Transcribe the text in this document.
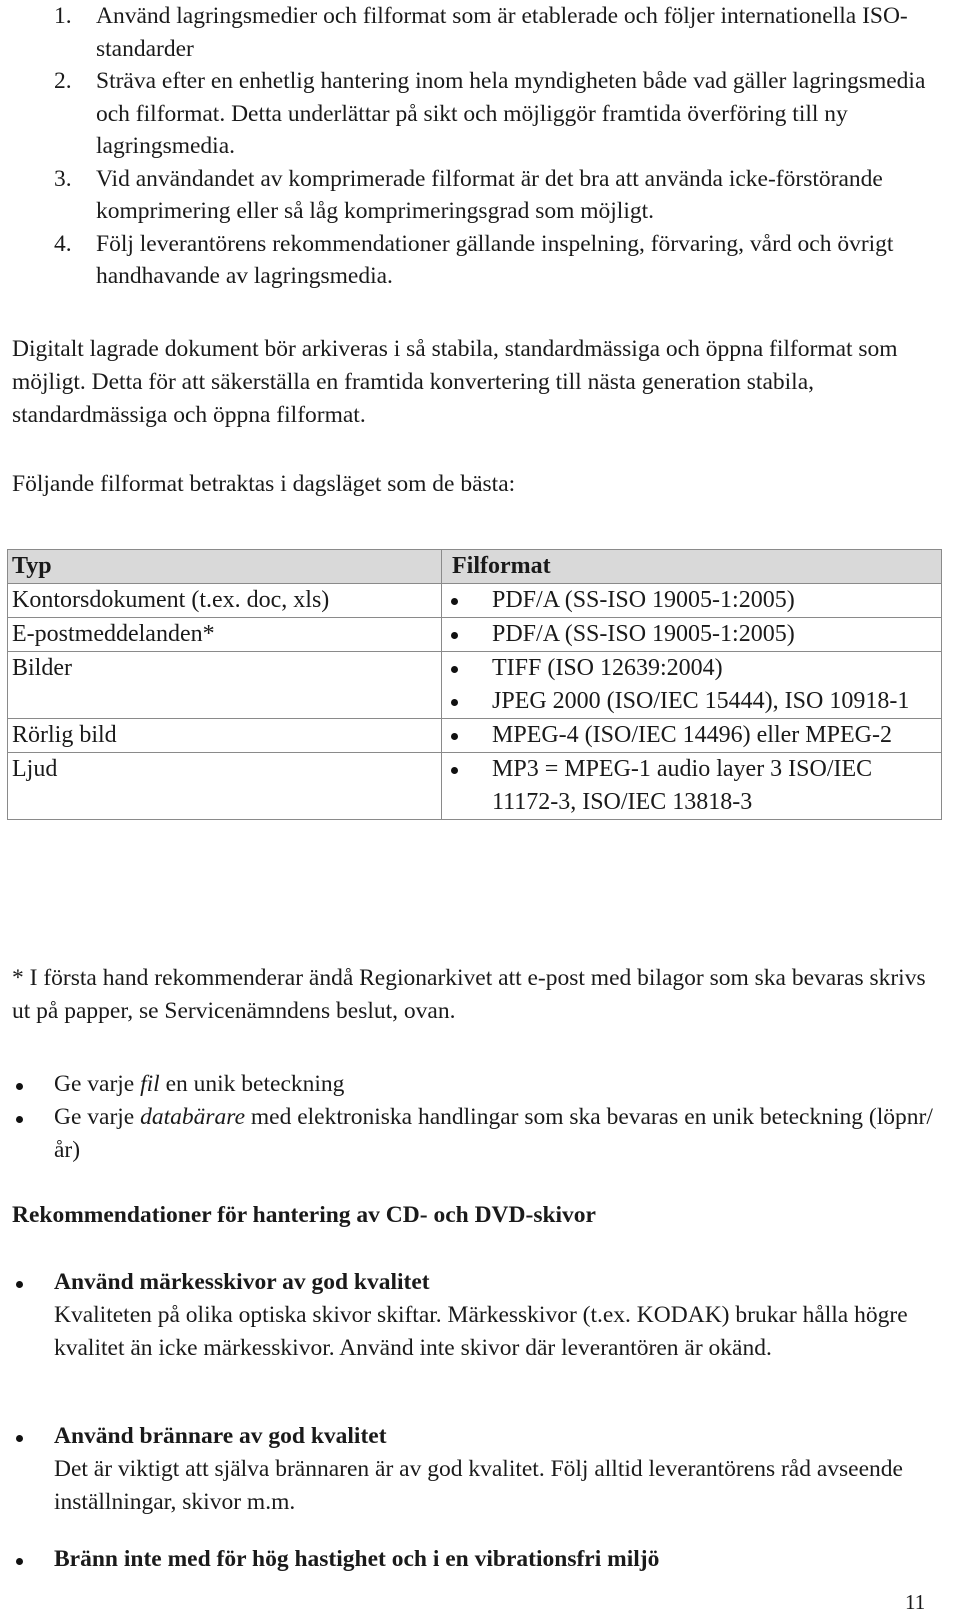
1. Använd lagringsmedier och filformat som är etablerade och följer internationella ISO-standarder
2. Sträva efter en enhetlig hantering inom hela myndigheten både vad gäller lagringsmedia och filformat. Detta underlättar på sikt och möjliggör framtida överföring till ny lagringsmedia.
3. Vid användandet av komprimerade filformat är det bra att använda icke-förstörande komprimering eller så låg komprimeringsgrad som möjligt.
4. Följ leverantörens rekommendationer gällande inspelning, förvaring, vård och övrigt handhavande av lagringsmedia.

Digitalt lagrade dokument bör arkiveras i så stabila, standardmässiga och öppna filformat som möjligt. Detta för att säkerställa en framtida konvertering till nästa generation stabila, standardmässiga och öppna filformat.

Följande filformat betraktas i dagsläget som de bästa:

Typ	Filformat
Kontorsdokument (t.ex. doc, xls)	PDF/A (SS-ISO 19005-1:2005)

E-postmeddelanden*	PDF/A (SS-ISO 19005-1:2005)

Bilder	TIFF (ISO 12639:2004)
JPEG 2000 (ISO/IEC 15444), ISO 10918-1

Rörlig bild	MPEG-4 (ISO/IEC 14496) eller MPEG-2

Ljud	MP3 = MPEG-1 audio layer 3 ISO/IEC 11172-3, ISO/IEC 13818-3

* I första hand rekommenderar ändå Regionarkivet att e-post med bilagor som ska bevaras skrivs ut på papper, se Servicenämndens beslut, ovan.

Ge varje fil en unik beteckning
Ge varje databärare med elektroniska handlingar som ska bevaras en unik beteckning (löpnr/år)

Rekommendationer för hantering av CD- och DVD-skivor

Använd märkesskivor av god kvalitet
Kvaliteten på olika optiska skivor skiftar. Märkesskivor (t.ex. KODAK) brukar hålla högre kvalitet än icke märkesskivor. Använd inte skivor där leverantören är okänd.
Använd brännare av god kvalitet
Det är viktigt att själva brännaren är av god kvalitet. Följ alltid leverantörens råd avseende inställningar, skivor m.m.
Bränn inte med för hög hastighet och i en vibrationsfri miljö
11
